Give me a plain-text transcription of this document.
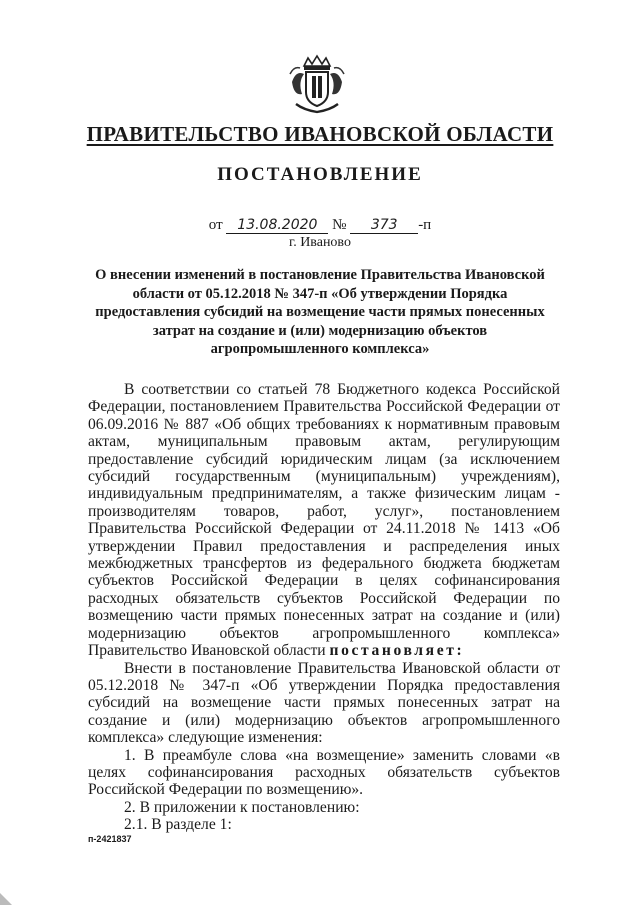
ПРАВИТЕЛЬСТВО ИВАНОВСКОЙ ОБЛАСТИ
ПОСТАНОВЛЕНИЕ
от 13.08.2020 № 373 -п
г. Иваново
О внесении изменений в постановление Правительства Ивановской области от 05.12.2018 № 347-п «Об утверждении Порядка предоставления субсидий на возмещение части прямых понесенных затрат на создание и (или) модернизацию объектов агропромышленного комплекса»

В соответствии со статьей 78 Бюджетного кодекса Российской Федерации, постановлением Правительства Российской Федерации от 06.09.2016 № 887 «Об общих требованиях к нормативным правовым актам, муниципальным правовым актам, регулирующим предоставление субсидий юридическим лицам (за исключением субсидий государственным (муниципальным) учреждениям), индивидуальным предпринимателям, а также физическим лицам - производителям товаров, работ, услуг», постановлением Правительства Российской Федерации от 24.11.2018 № 1413 «Об утверждении Правил предоставления и распределения иных межбюджетных трансфертов из федерального бюджета бюджетам субъектов Российской Федерации в целях софинансирования расходных обязательств субъектов Российской Федерации по возмещению части прямых понесенных затрат на создание и (или) модернизацию объектов агропромышленного комплекса» Правительство Ивановской области постановляет:

Внести в постановление Правительства Ивановской области от 05.12.2018 № 347-п «Об утверждении Порядка предоставления субсидий на возмещение части прямых понесенных затрат на создание и (или) модернизацию объектов агропромышленного комплекса» следующие изменения:

1. В преамбуле слова «на возмещение» заменить словами «в целях софинансирования расходных обязательств субъектов Российской Федерации по возмещению».

2. В приложении к постановлению:

2.1. В разделе 1:

п-2421837
